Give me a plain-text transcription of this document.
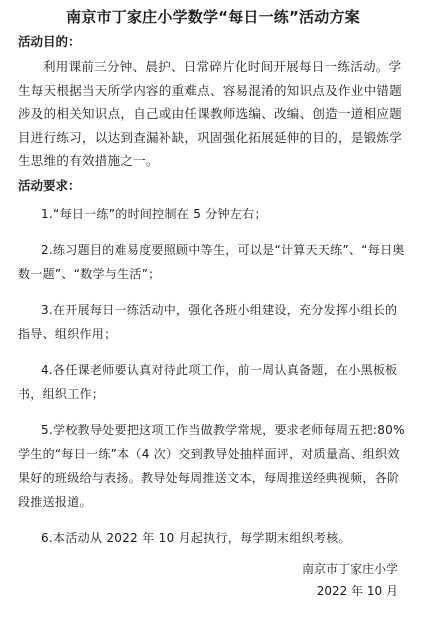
南京市丁家庄小学数学“每日一练”活动方案

活动目的：

利用课前三分钟、晨护、日常碎片化时间开展每日一练活动。学生每天根据当天所学内容的重难点、容易混淆的知识点及作业中错题涉及的相关知识点，自己或由任课教师选编、改编、创造一道相应题目进行练习，以达到查漏补缺，巩固强化拓展延伸的目的，是锻炼学生思维的有效措施之一。

活动要求：

1.“每日一练”的时间控制在 5 分钟左右；

2.练习题目的难易度要照顾中等生，可以是“计算天天练”、“每日奥数一题”、“数学与生活”；

3.在开展每日一练活动中，强化各班小组建设，充分发挥小组长的指导、组织作用；

4.各任课老师要认真对待此项工作，前一周认真备题，在小黑板板书，组织工作；

5.学校教导处要把这项工作当做教学常规，要求老师每周五把:80%学生的“每日一练”本（4 次）交到教导处抽样面评，对质量高、组织效果好的班级给与表扬。教导处每周推送文本，每周推送经典视频，各阶段推送报道。

6.本活动从 2022 年 10 月起执行，每学期末组织考核。

南京市丁家庄小学

2022 年 10 月
